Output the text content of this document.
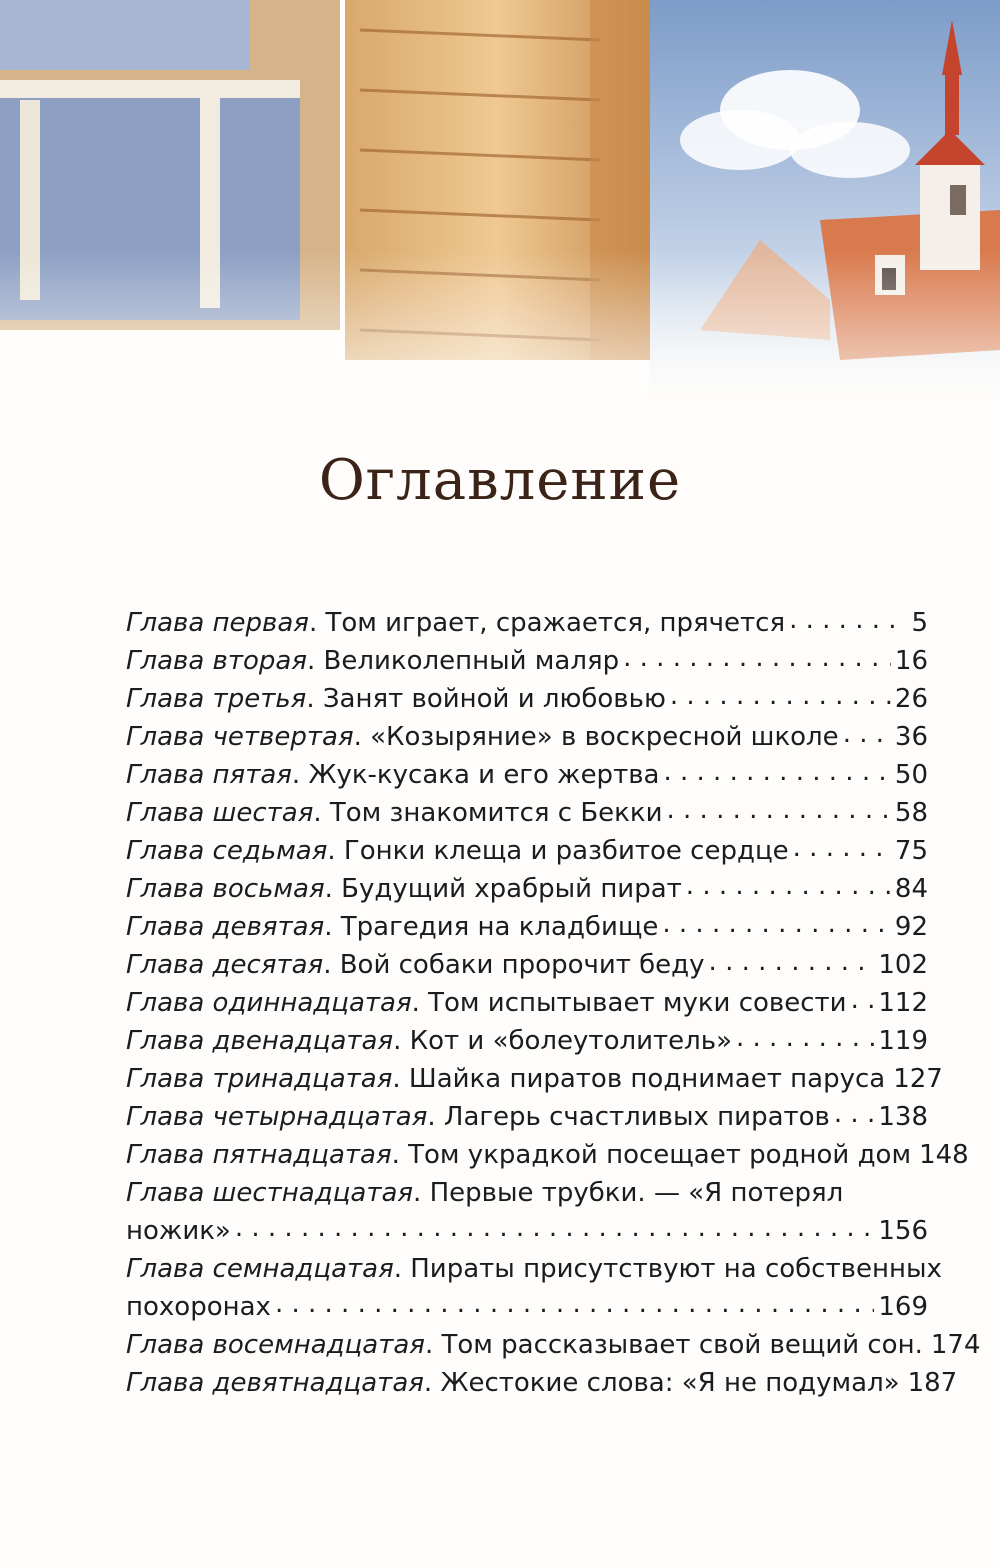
Оглавление
Глава первая. Том играет, сражается, прячется . . .	5
Глава вторая. Великолепный маляр . . .	16
Глава третья. Занят войной и любовью . . .	26
Глава четвертая. «Козыряние» в воскресной школе . . . 36
Глава пятая. Жук-кусака и его жертва . . .	50
Глава шестая. Том знакомится с Бекки . . .	58
Глава седьмая. Гонки клеща и разбитое сердце . . .	75
Глава восьмая. Будущий храбрый пират . . .	84
Глава девятая. Трагедия на кладбище . . .	92
Глава десятая. Вой собаки пророчит беду . . .	102
Глава одиннадцатая. Том испытывает муки совести . . . 112
Глава двенадцатая. Кот и «болеутолитель» . . .	119
Глава тринадцатая. Шайка пиратов поднимает паруса 127
Глава четырнадцатая. Лагерь счастливых пиратов . . . 138
Глава пятнадцатая. Том украдкой посещает родной дом 148
Глава шестнадцатая. Первые трубки. — «Я потерял
ножик» . . .	156
Глава семнадцатая. Пираты присутствуют на собственных
похоронах . . .	169
Глава восемнадцатая. Том рассказывает свой вещий сон. 174
Глава девятнадцатая. Жестокие слова: «Я не подумал» 187
